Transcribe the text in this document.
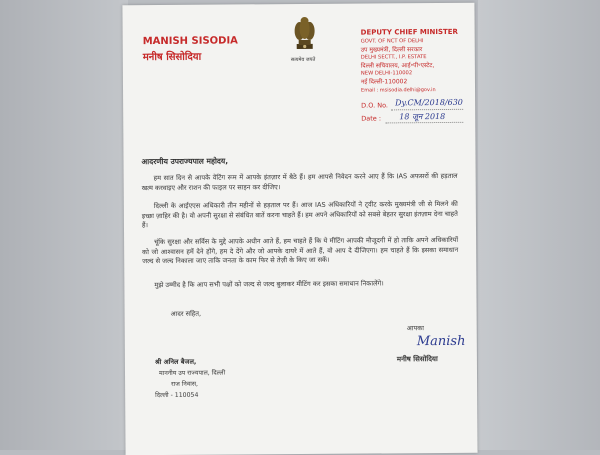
MANISH SISODIA
मनीष सिसोदिया	सत्यमेव जयते
DEPUTY CHIEF MINISTER
GOVT. OF NCT OF DELHI
उप मुख्यमंत्री, दिल्ली सरकार
DELHI SECTT., I.P. ESTATE
दिल्ली सचिवालय, आई॰पी॰एस्टेट,
NEW DELHI-110002
नई दिल्ली-110002
Email : msisodia.delhi@gov.in
D.O. No. Dy.CM/2018/630
Date : 18 जून 2018
आदरणीय उपराज्यपाल महोदय,
हम सात दिन से आपके वेटिंग रूम में आपके इंतज़ार में बैठे हैं। हम आपसे निवेदन करने आए हैं कि IAS अफसरों की हड़ताल खत्म करवाइए और राशन की फाइल पर साइन कर दीजिए।
दिल्ली के आईएएस अधिकारी तीन महीनों से हड़ताल पर हैं। आज IAS अधिकारियों ने ट्वीट करके मुख्यमंत्री जी से मिलने की इच्छा ज़ाहिर की है। वो अपनी सुरक्षा से संबंधित बातें करना चाहते हैं। हम अपने अधिकारियों को सबसे बेहतर सुरक्षा इंतज़ाम देना चाहते हैं।
चूंकि सुरक्षा और सर्विस के मुद्दे आपके अधीन आते हैं, हम चाहते हैं कि ये मीटिंग आपकी मौजूदगी में हो ताकि अपने अधिकारियों को जो आश्वासन हमें देने होंगे, हम दे देंगे और जो आपके दायरे में आते हैं, वो आप दे दीजिएगा। हम चाहते हैं कि इसका समाधान जल्द से जल्द निकाला जाए ताकि जनता के काम फिर से तेज़ी के किए जा सकें।
मुझे उम्मीद है कि आप सभी पक्षों को जल्द से जल्द बुलाकर मीटिंग कर इसका समाधान निकालेंगे।
आदर सहित,
आपका
Manish
मनीष सिसोदिया
श्री अनिल बैजल,
माननीय उप राज्यपाल, दिल्ली
राज निवास,
दिल्ली - 110054
